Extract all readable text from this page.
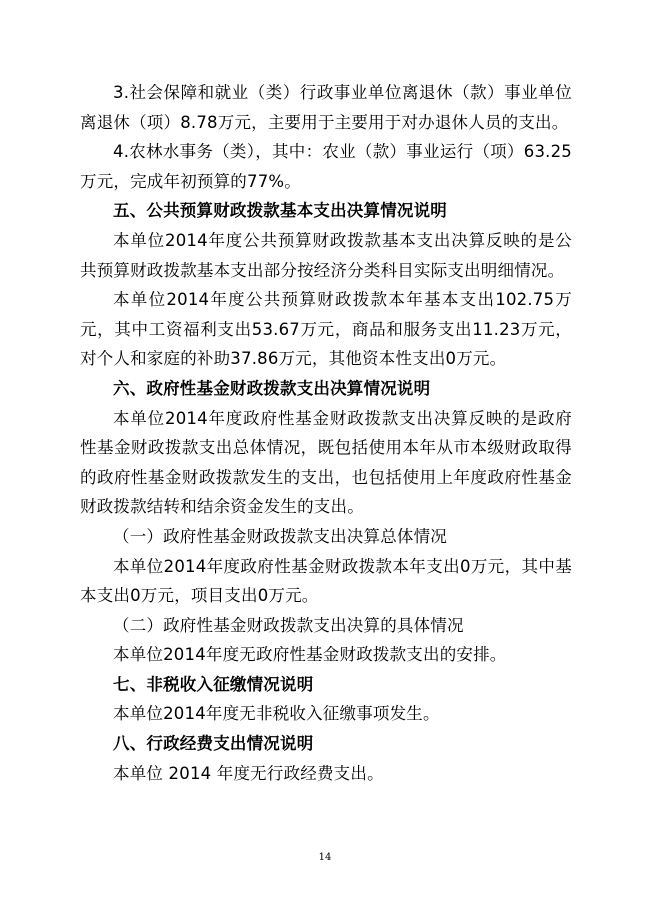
3.社会保障和就业（类）行政事业单位离退休（款）事业单位离退休（项）8.78万元，主要用于主要用于对办退休人员的支出。

4.农林水事务（类），其中：农业（款）事业运行（项）63.25万元，完成年初预算的77%。

五、公共预算财政拨款基本支出决算情况说明

本单位2014年度公共预算财政拨款基本支出决算反映的是公共预算财政拨款基本支出部分按经济分类科目实际支出明细情况。

本单位2014年度公共预算财政拨款本年基本支出102.75万元，其中工资福利支出53.67万元，商品和服务支出11.23万元，对个人和家庭的补助37.86万元，其他资本性支出0万元。

六、政府性基金财政拨款支出决算情况说明

本单位2014年度政府性基金财政拨款支出决算反映的是政府性基金财政拨款支出总体情况，既包括使用本年从市本级财政取得的政府性基金财政拨款发生的支出，也包括使用上年度政府性基金财政拨款结转和结余资金发生的支出。

（一）政府性基金财政拨款支出决算总体情况

本单位2014年度政府性基金财政拨款本年支出0万元，其中基本支出0万元，项目支出0万元。

（二）政府性基金财政拨款支出决算的具体情况

本单位2014年度无政府性基金财政拨款支出的安排。

七、非税收入征缴情况说明

本单位2014年度无非税收入征缴事项发生。

八、行政经费支出情况说明

本单位 2014 年度无行政经费支出。

14
